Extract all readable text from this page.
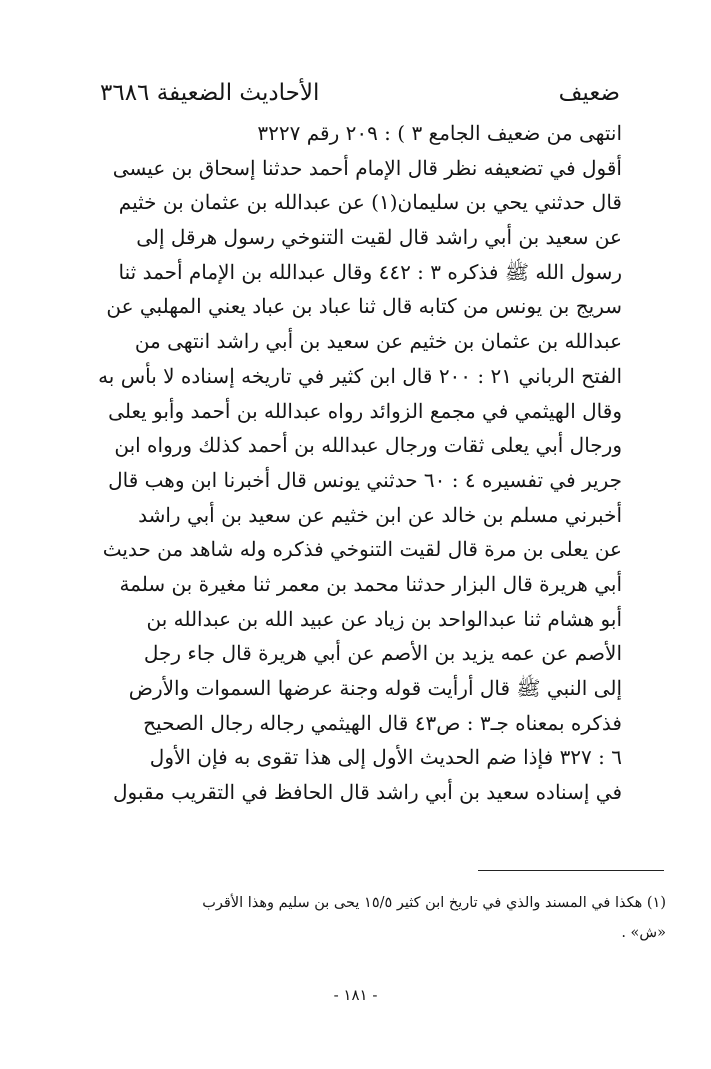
ضعيف
الأحاديث الضعيفة ٣٦٨٦
انتهى من ضعيف الجامع ٣ ) : ٢٠٩ رقم ٣٢٢٧
أقول في تضعيفه نظر قال الإمام أحمد حدثنا إسحاق بن عيسى
قال حدثني يحي بن سليمان(١) عن عبدالله بن عثمان بن خثيم
عن سعيد بن أبي راشد قال لقيت التنوخي رسول هرقل إلى
رسول الله ﷺ فذكره ٣ : ٤٤٢ وقال عبدالله بن الإمام أحمد ثنا
سريج بن يونس من كتابه قال ثنا عباد بن عباد يعني المهلبي عن
عبدالله بن عثمان بن خثيم عن سعيد بن أبي راشد انتهى من
الفتح الرباني ٢١ : ٢٠٠ قال ابن كثير في تاريخه إسناده لا بأس به
وقال الهيثمي في مجمع الزوائد رواه عبدالله بن أحمد وأبو يعلى
ورجال أبي يعلى ثقات ورجال عبدالله بن أحمد كذلك ورواه ابن
جرير في تفسيره ٤ : ٦٠ حدثني يونس قال أخبرنا ابن وهب قال
أخبرني مسلم بن خالد عن ابن خثيم عن سعيد بن أبي راشد
عن يعلى بن مرة قال لقيت التنوخي فذكره وله شاهد من حديث
أبي هريرة قال البزار حدثنا محمد بن معمر ثنا مغيرة بن سلمة
أبو هشام ثنا عبدالواحد بن زياد عن عبيد الله بن عبدالله بن
الأصم عن عمه يزيد بن الأصم عن أبي هريرة قال جاء رجل
إلى النبي ﷺ قال أرأيت قوله وجنة عرضها السموات والأرض
فذكره بمعناه جـ٣ : ص٤٣ قال الهيثمي رجاله رجال الصحيح
٦ : ٣٢٧ فإذا ضم الحديث الأول إلى هذا تقوى به فإن الأول
في إسناده سعيد بن أبي راشد قال الحافظ في التقريب مقبول
(١) هكذا في المسند والذي في تاريخ ابن كثير ١٥/٥ يحى بن سليم وهذا الأقرب
«ش» .
- ١٨١ -
